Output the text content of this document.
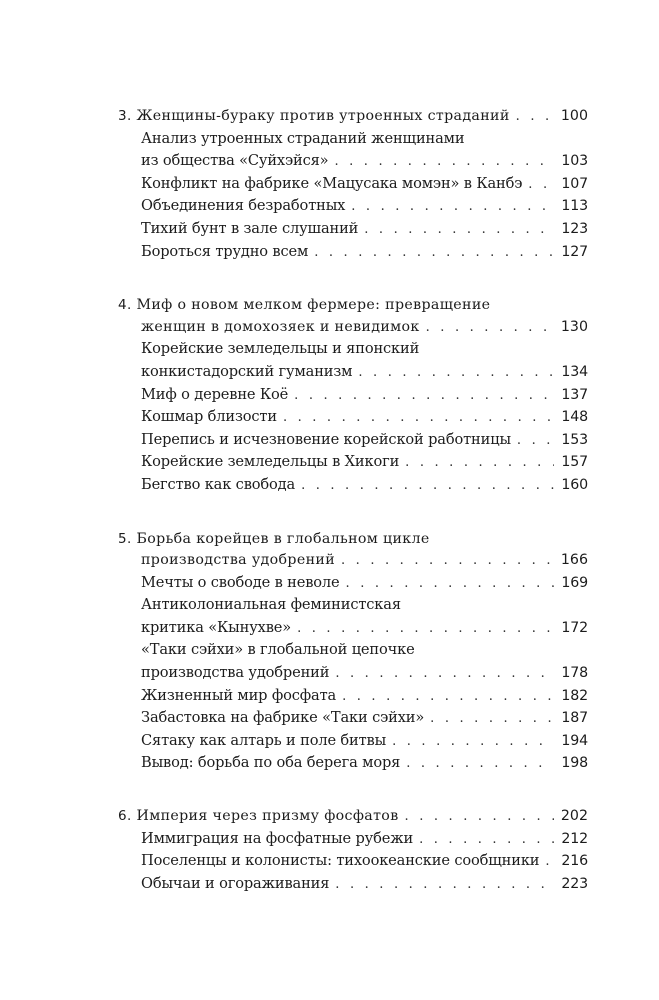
3. Женщины-бураку против утроенных страданий . . .	100
Анализ утроенных страданий женщинами
из общества «Суйхэйся» . . .	103
Конфликт на фабрике «Мацусака момэн» в Канбэ . . .	107
Объединения безработных . . .	113
Тихий бунт в зале слушаний . . .	123
Бороться трудно всем . . .	127
4. Миф о новом мелком фермере: превращение
женщин в домохозяек и невидимок . . .	130
Корейские земледельцы и японский
конкистадорский гуманизм . . .	134
Миф о деревне Коё . . .	137
Кошмар близости . . .	148
Перепись и исчезновение корейской работницы . . .	153
Корейские земледельцы в Хикоги . . .	157
Бегство как свобода . . .	160
5. Борьба корейцев в глобальном цикле
производства удобрений . . .	166
Мечты о свободе в неволе . . .	169
Антиколониальная феминистская
критика «Кынухве» . . .	172
«Таки сэйхи» в глобальной цепочке
производства удобрений . . .	178
Жизненный мир фосфата . . .	182
Забастовка на фабрике «Таки сэйхи» . . .	187
Сятаку как алтарь и поле битвы . . .	194
Вывод: борьба по оба берега моря . . .	198
6. Империя через призму фосфатов . . .	202
Иммиграция на фосфатные рубежи . . .	212
Поселенцы и колонисты: тихоокеанские сообщники . . . 216
Обычаи и огораживания . . .	223
